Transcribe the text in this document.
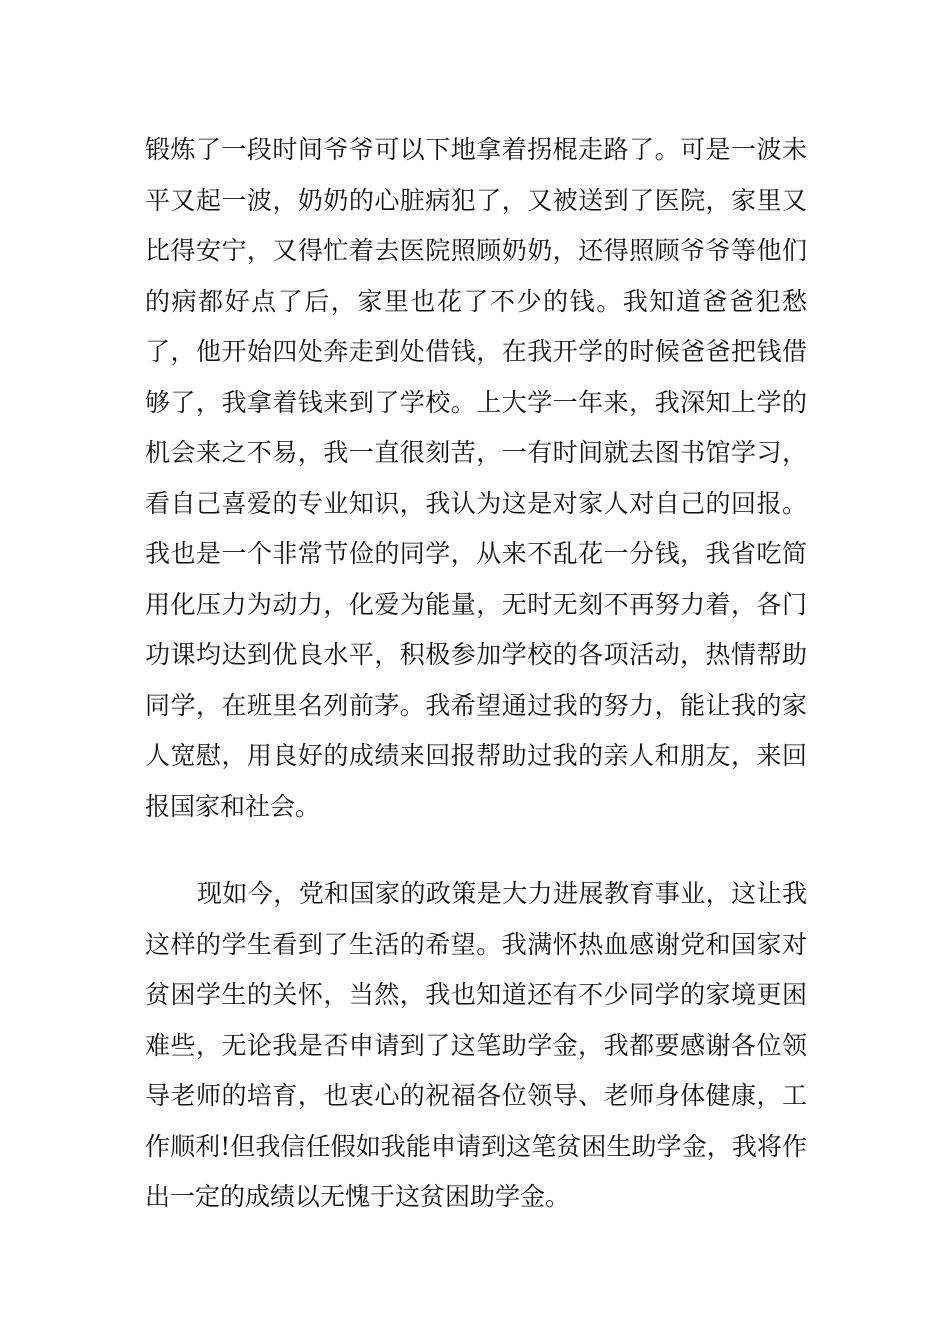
锻炼了一段时间爷爷可以下地拿着拐棍走路了。可是一波未平又起一波，奶奶的心脏病犯了，又被送到了医院，家里又比得安宁，又得忙着去医院照顾奶奶，还得照顾爷爷等他们的病都好点了后，家里也花了不少的钱。我知道爸爸犯愁了，他开始四处奔走到处借钱，在我开学的时候爸爸把钱借够了，我拿着钱来到了学校。上大学一年来，我深知上学的机会来之不易，我一直很刻苦，一有时间就去图书馆学习，看自己喜爱的专业知识，我认为这是对家人对自己的回报。我也是一个非常节俭的同学，从来不乱花一分钱，我省吃简用化压力为动力，化爱为能量，无时无刻不再努力着，各门功课均达到优良水平，积极参加学校的各项活动，热情帮助同学，在班里名列前茅。我希望通过我的努力，能让我的家人宽慰，用良好的成绩来回报帮助过我的亲人和朋友，来回报国家和社会。

现如今，党和国家的政策是大力进展教育事业，这让我这样的学生看到了生活的希望。我满怀热血感谢党和国家对贫困学生的关怀，当然，我也知道还有不少同学的家境更困难些，无论我是否申请到了这笔助学金，我都要感谢各位领导老师的培育，也衷心的祝福各位领导、老师身体健康，工作顺利!但我信任假如我能申请到这笔贫困生助学金，我将作出一定的成绩以无愧于这贫困助学金。
